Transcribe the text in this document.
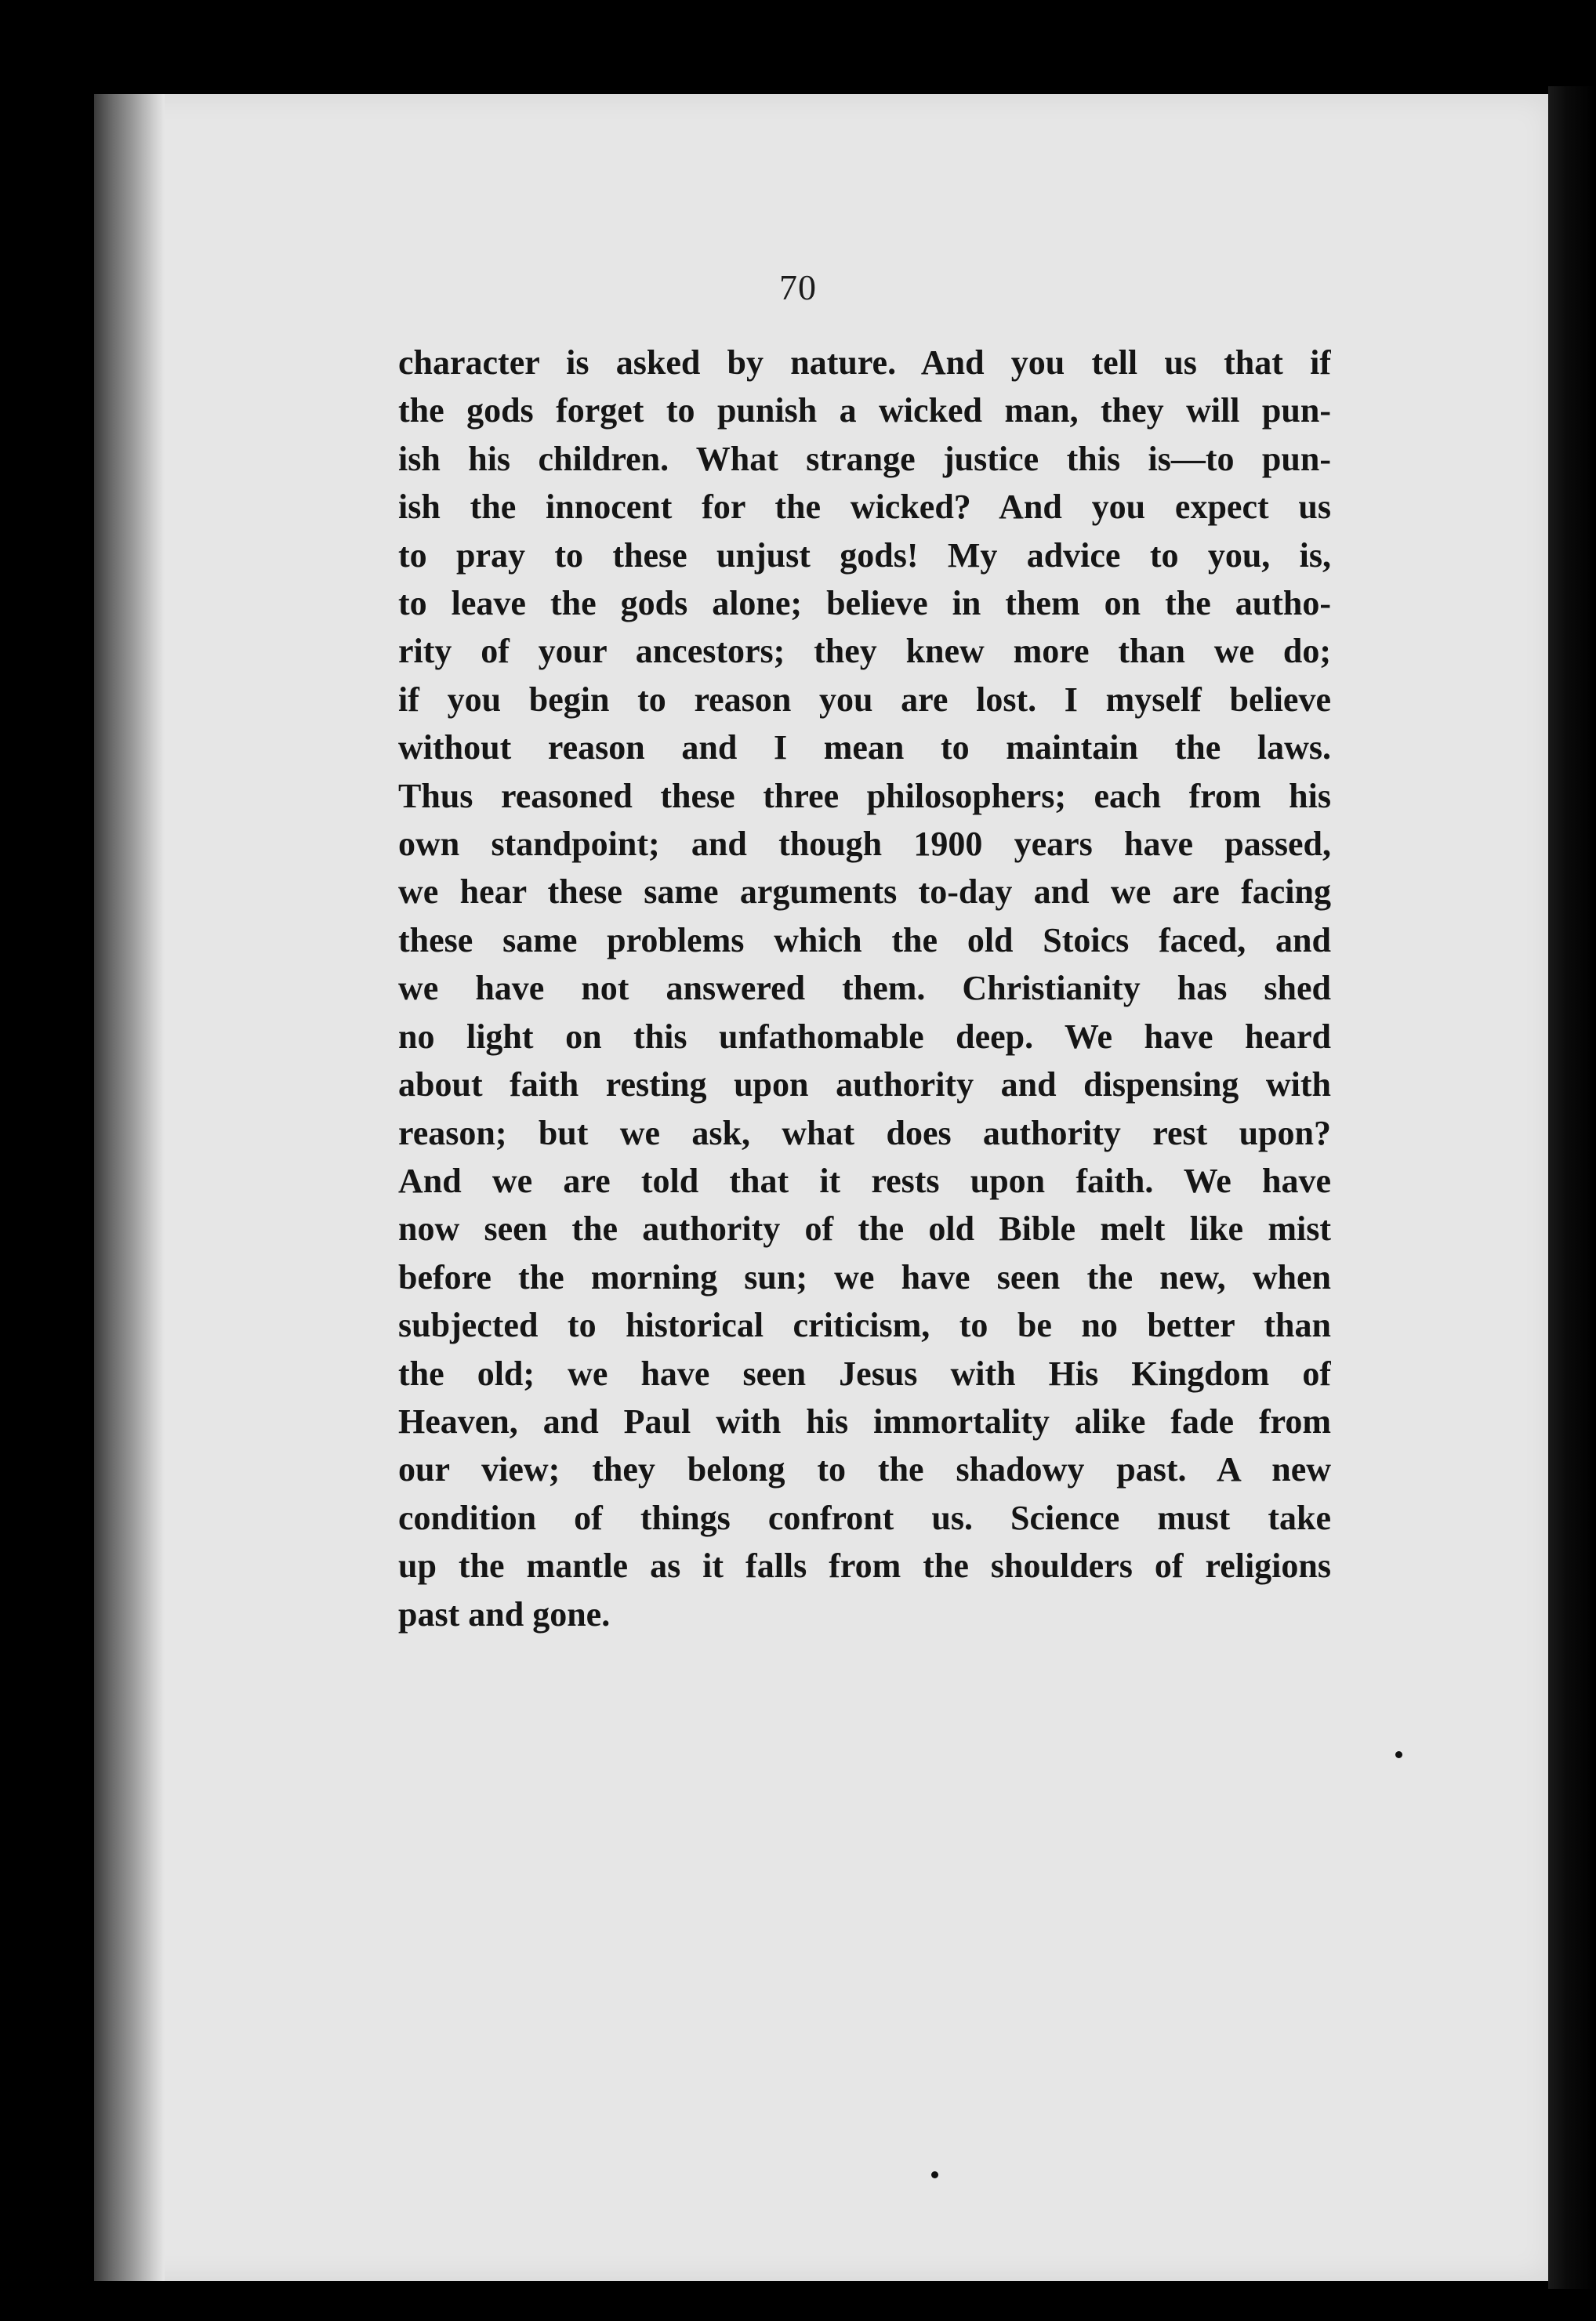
70
character is asked by nature. And you tell us that if
the gods forget to punish a wicked man, they will pun-
ish his children. What strange justice this is—to pun-
ish the innocent for the wicked? And you expect us
to pray to these unjust gods! My advice to you, is,
to leave the gods alone; believe in them on the autho-
rity of your ancestors; they knew more than we do;
if you begin to reason you are lost. I myself believe
without reason and I mean to maintain the laws.
Thus reasoned these three philosophers; each from his
own standpoint; and though 1900 years have passed,
we hear these same arguments to-day and we are facing
these same problems which the old Stoics faced, and
we have not answered them. Christianity has shed
no light on this unfathomable deep. We have heard
about faith resting upon authority and dispensing with
reason; but we ask, what does authority rest upon?
And we are told that it rests upon faith. We have
now seen the authority of the old Bible melt like mist
before the morning sun; we have seen the new, when
subjected to historical criticism, to be no better than
the old; we have seen Jesus with His Kingdom of
Heaven, and Paul with his immortality alike fade from
our view; they belong to the shadowy past. A new
condition of things confront us. Science must take
up the mantle as it falls from the shoulders of religions
past and gone.
